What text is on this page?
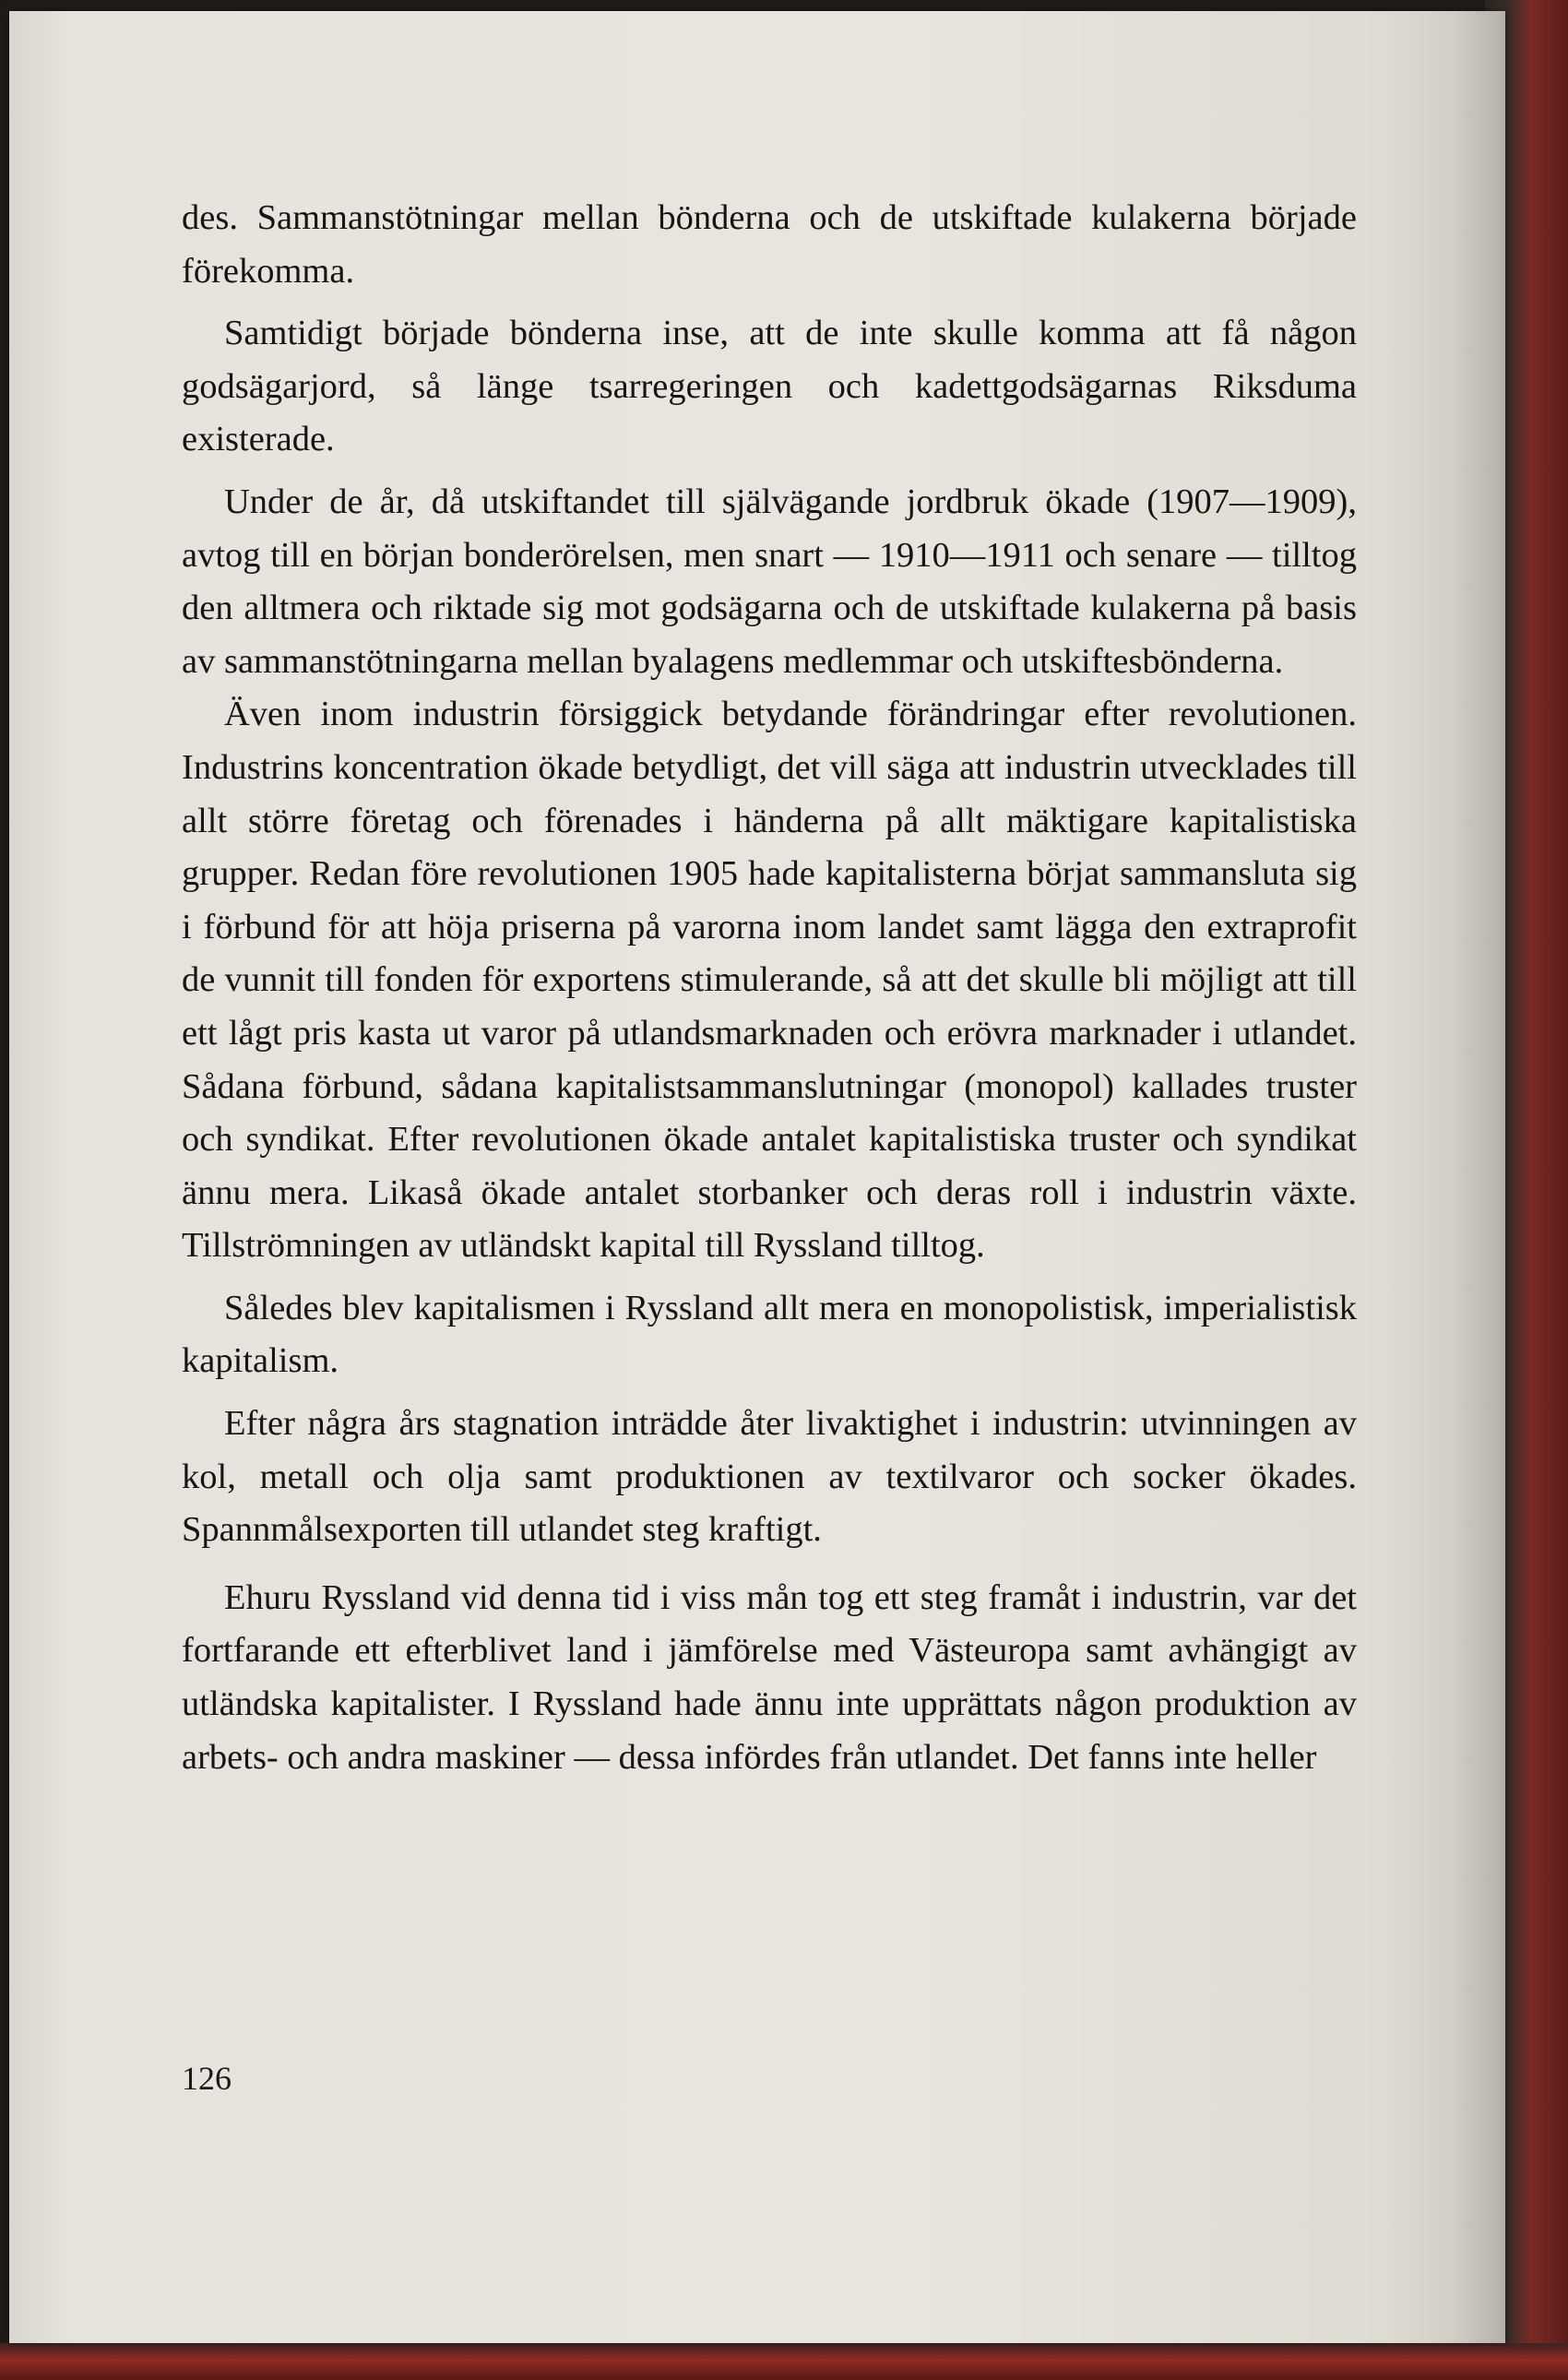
des. Sammanstötningar mellan bönderna och de utskiftade kulakerna började förekomma.

Samtidigt började bönderna inse, att de inte skulle komma att få någon godsägarjord, så länge tsarregeringen och kadettgodsägarnas Riksduma existerade.

Under de år, då utskiftandet till självägande jordbruk ökade (1907—1909), avtog till en början bonderörelsen, men snart — 1910—1911 och senare — tilltog den alltmera och riktade sig mot godsägarna och de utskiftade kulakerna på basis av sammanstötningarna mellan byalagens medlemmar och utskiftesbönderna.

Även inom industrin försiggick betydande förändringar efter revolutionen. Industrins koncentration ökade betydligt, det vill säga att industrin utvecklades till allt större företag och förenades i händerna på allt mäktigare kapitalistiska grupper. Redan före revolutionen 1905 hade kapitalisterna börjat sammansluta sig i förbund för att höja priserna på varorna inom landet samt lägga den extraprofit de vunnit till fonden för exportens stimulerande, så att det skulle bli möjligt att till ett lågt pris kasta ut varor på utlandsmarknaden och erövra marknader i utlandet. Sådana förbund, sådana kapitalistsammanslutningar (monopol) kallades truster och syndikat. Efter revolutionen ökade antalet kapitalistiska truster och syndikat ännu mera. Likaså ökade antalet storbanker och deras roll i industrin växte. Tillströmningen av utländskt kapital till Ryssland tilltog.

Således blev kapitalismen i Ryssland allt mera en monopolistisk, imperialistisk kapitalism.

Efter några års stagnation inträdde åter livaktighet i industrin: utvinningen av kol, metall och olja samt produktionen av textilvaror och socker ökades. Spannmålsexporten till utlandet steg kraftigt.

Ehuru Ryssland vid denna tid i viss mån tog ett steg framåt i industrin, var det fortfarande ett efterblivet land i jämförelse med Västeuropa samt avhängigt av utländska kapitalister. I Ryssland hade ännu inte upprättats någon produktion av arbets- och andra maskiner — dessa infördes från utlandet. Det fanns inte heller

126
